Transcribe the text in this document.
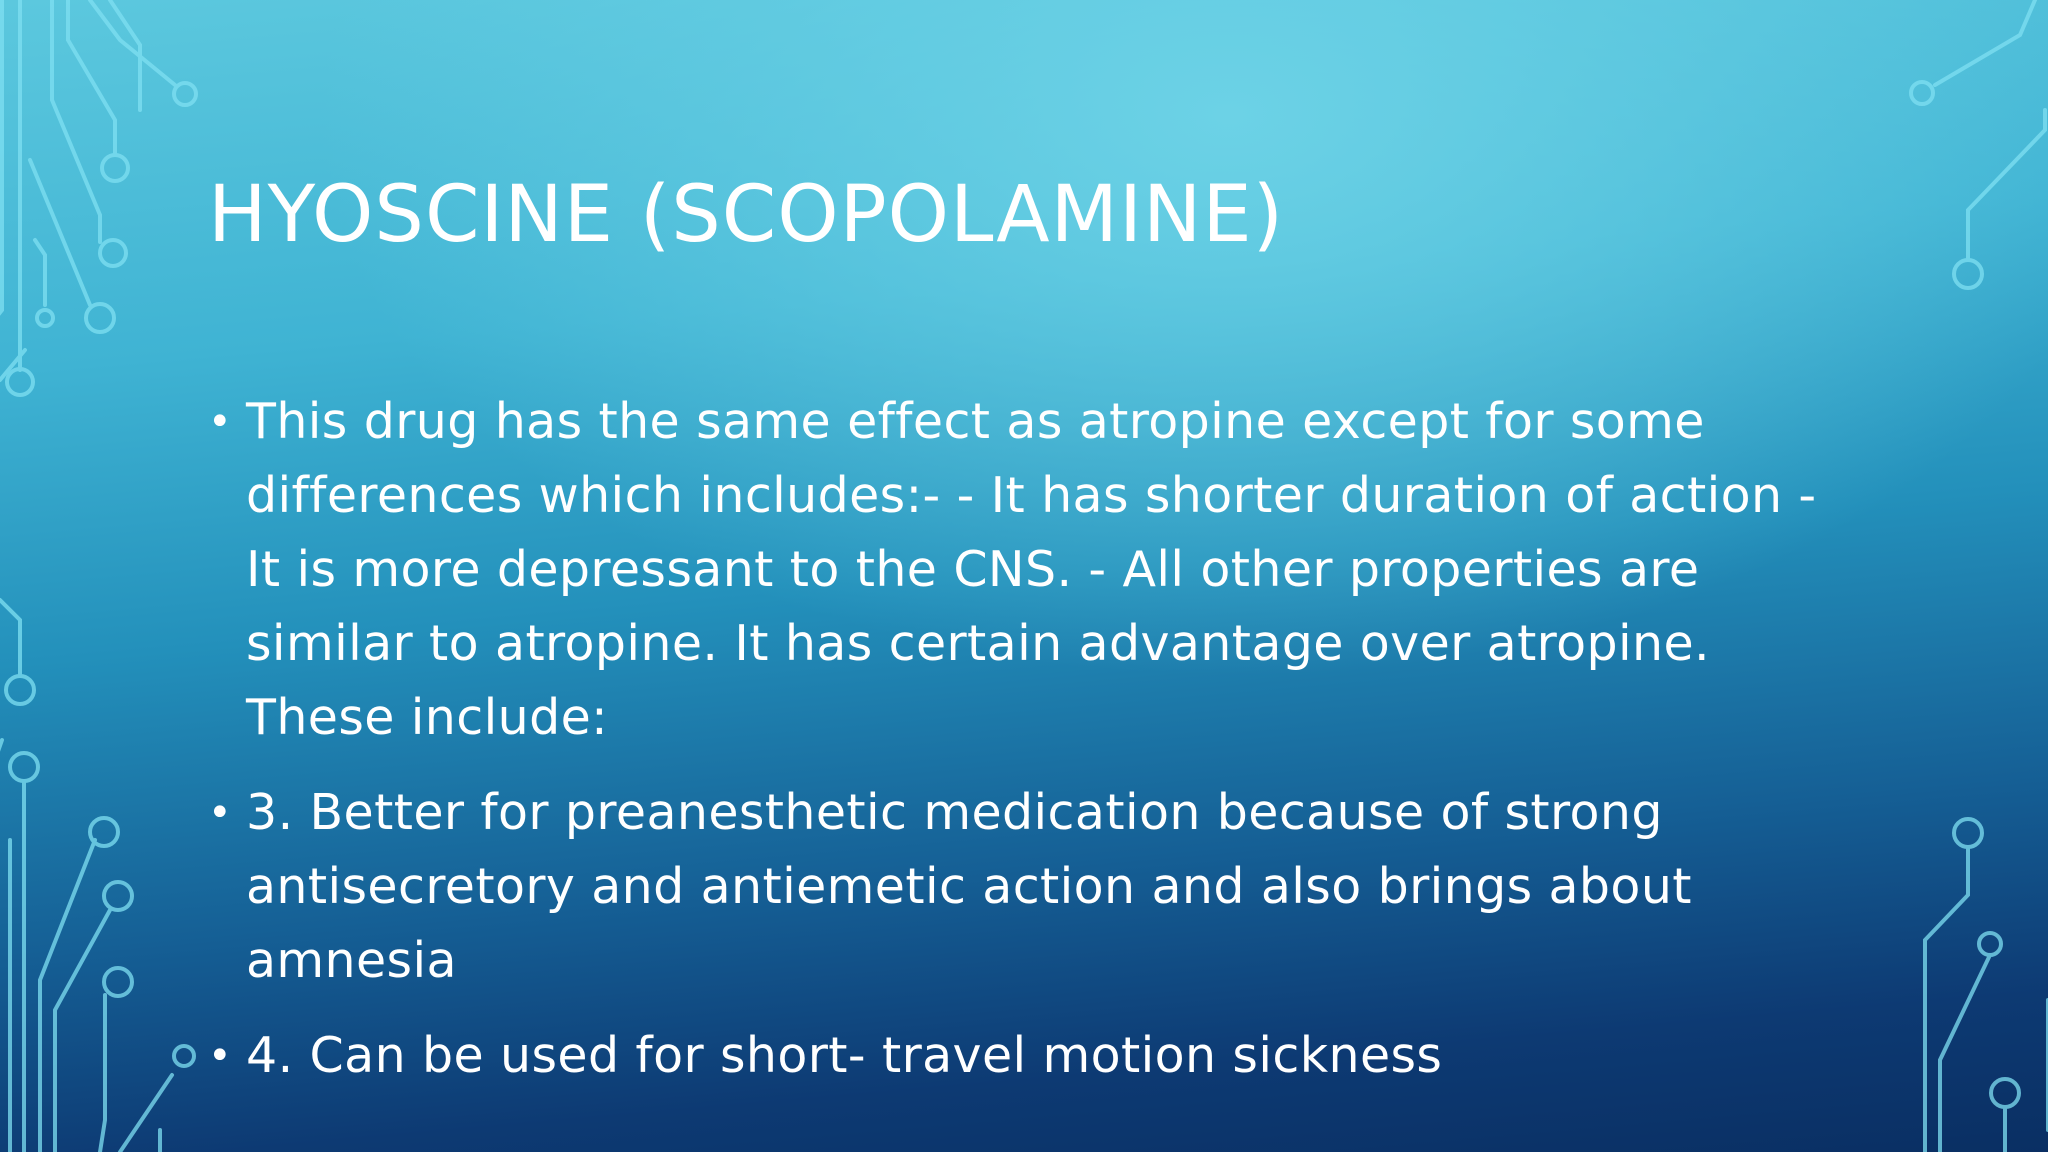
HYOSCINE (SCOPOLAMINE)
• This drug has the same effect as atropine except for some differences which includes:- - It has shorter duration of action - It is more depressant to the CNS. - All other properties are similar to atropine. It has certain advantage over atropine. These include:
• 3. Better for preanesthetic medication because of strong antisecretory and antiemetic action and also brings about amnesia
• 4. Can be used for short- travel motion sickness
